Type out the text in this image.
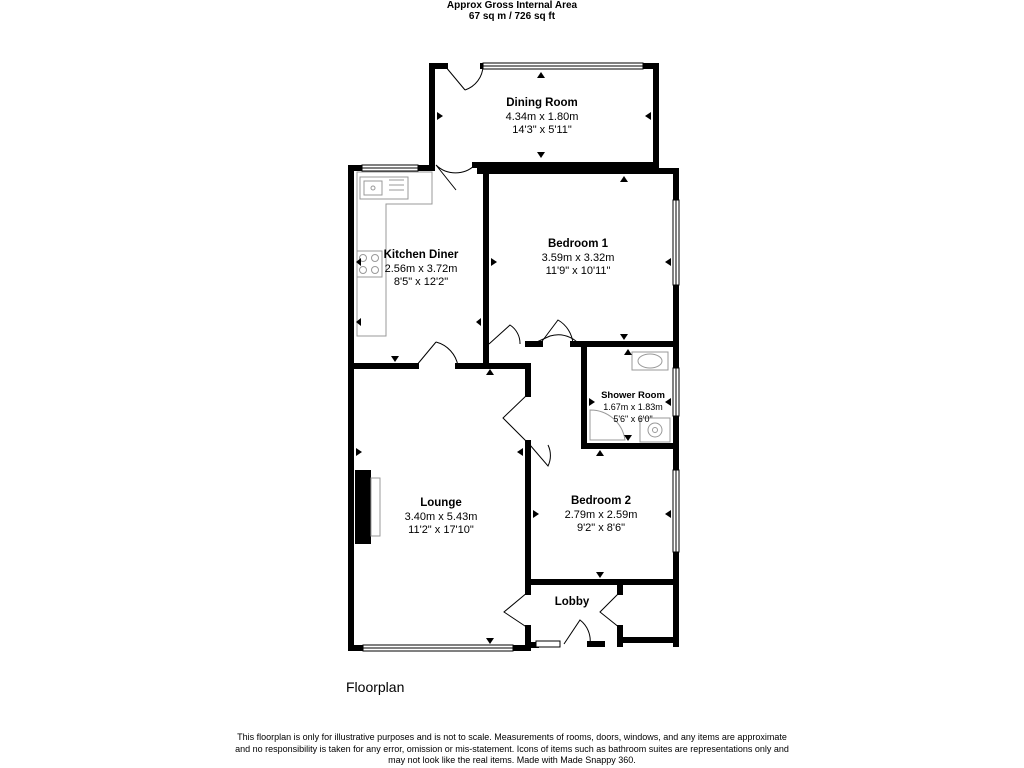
Approx Gross Internal Area
67 sq m / 726 sq ft
Dining Room
4.34m x 1.80m
14'3" x 5'11"
Bedroom 1
3.59m x 3.32m
11'9" x 10'11"
Kitchen Diner
2.56m x 3.72m
8'5" x 12'2"
Shower Room
1.67m x 1.83m
5'6" x 6'0"
Lounge
3.40m x 5.43m
11'2" x 17'10"
Bedroom 2
2.79m x 2.59m
9'2" x 8'6"
Lobby
Floorplan
This floorplan is only for illustrative purposes and is not to scale. Measurements of rooms, doors, windows, and any items are approximate
and no responsibility is taken for any error, omission or mis-statement. Icons of items such as bathroom suites are representations only and
may not look like the real items. Made with Made Snappy 360.
